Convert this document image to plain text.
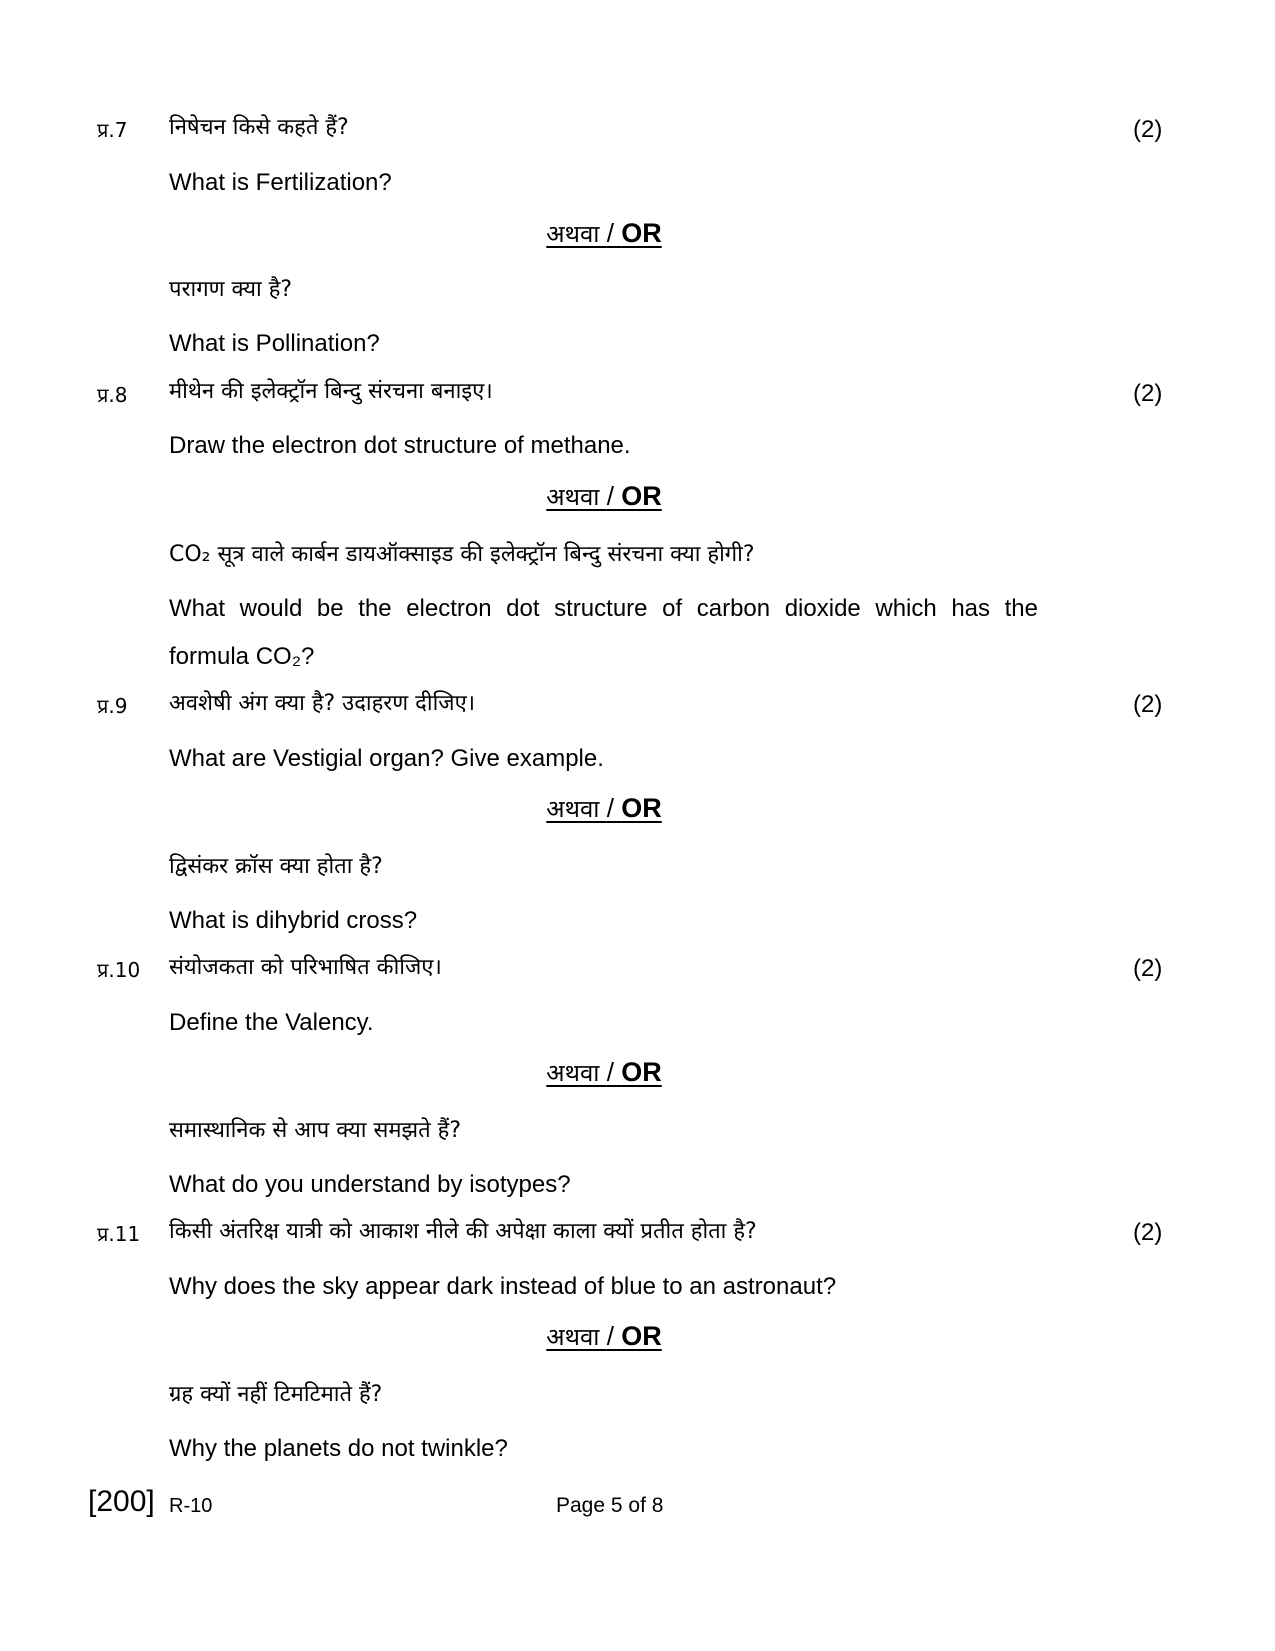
प्र.7 निषेचन किसे कहते हैं?	(2)
What is Fertilization?
अथवा / OR
परागण क्या है?
What is Pollination?
प्र.8 मीथेन की इलेक्ट्रॉन बिन्दु संरचना बनाइए।	(2)
Draw the electron dot structure of methane.
अथवा / OR
CO₂ सूत्र वाले कार्बन डायऑक्साइड की इलेक्ट्रॉन बिन्दु संरचना क्या होगी?
What would be the electron dot structure of carbon dioxide which has the
formula CO₂?
प्र.9 अवशेषी अंग क्या है? उदाहरण दीजिए।	(2)
What are Vestigial organ? Give example.
अथवा / OR
द्विसंकर क्रॉस क्या होता है?
What is dihybrid cross?
प्र.10 संयोजकता को परिभाषित कीजिए।	(2)
Define the Valency.
अथवा / OR
समास्थानिक से आप क्या समझते हैं?
What do you understand by isotypes?
प्र.11 किसी अंतरिक्ष यात्री को आकाश नीले की अपेक्षा काला क्यों प्रतीत होता है?	(2)
Why does the sky appear dark instead of blue to an astronaut?
अथवा / OR
ग्रह क्यों नहीं टिमटिमाते हैं?
Why the planets do not twinkle?
[200] R-10	Page 5 of 8
